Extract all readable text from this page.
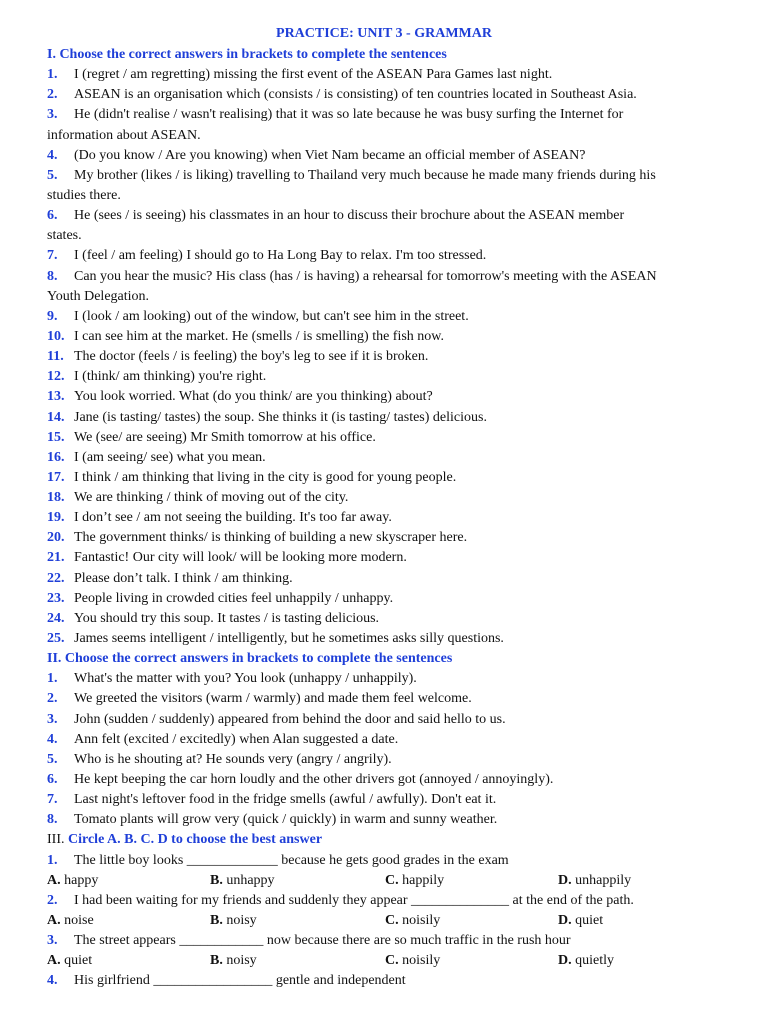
PRACTICE: UNIT 3 - GRAMMAR
I. Choose the correct answers in brackets to complete the sentences
1. I (regret / am regretting) missing the first event of the ASEAN Para Games last night.
2. ASEAN is an organisation which (consists / is consisting) of ten countries located in Southeast Asia.
3. He (didn't realise / wasn't realising) that it was so late because he was busy surfing the Internet for
information about ASEAN.
4. (Do you know / Are you knowing) when Viet Nam became an official member of ASEAN?
5. My brother (likes / is liking) travelling to Thailand very much because he made many friends during his
studies there.
6. He (sees / is seeing) his classmates in an hour to discuss their brochure about the ASEAN member
states.
7. I (feel / am feeling) I should go to Ha Long Bay to relax. I'm too stressed.
8. Can you hear the music? His class (has / is having) a rehearsal for tomorrow's meeting with the ASEAN
Youth Delegation.
9. I (look / am looking) out of the window, but can't see him in the street.
10. I can see him at the market. He (smells / is smelling) the fish now.
11. The doctor (feels / is feeling) the boy's leg to see if it is broken.
12. I (think/ am thinking) you're right.
13. You look worried. What (do you think/ are you thinking) about?
14. Jane (is tasting/ tastes) the soup. She thinks it (is tasting/ tastes) delicious.
15. We (see/ are seeing) Mr Smith tomorrow at his office.
16. I (am seeing/ see) what you mean.
17. I think / am thinking that living in the city is good for young people.
18. We are thinking / think of moving out of the city.
19. I don’t see / am not seeing the building. It's too far away.
20. The government thinks/ is thinking of building a new skyscraper here.
21. Fantastic! Our city will look/ will be looking more modern.
22. Please don’t talk. I think / am thinking.
23. People living in crowded cities feel unhappily / unhappy.
24. You should try this soup. It tastes / is tasting delicious.
25. James seems intelligent / intelligently, but he sometimes asks silly questions.
II. Choose the correct answers in brackets to complete the sentences
1. What's the matter with you? You look (unhappy / unhappily).
2. We greeted the visitors (warm / warmly) and made them feel welcome.
3. John (sudden / suddenly) appeared from behind the door and said hello to us.
4. Ann felt (excited / excitedly) when Alan suggested a date.
5. Who is he shouting at? He sounds very (angry / angrily).
6. He kept beeping the car horn loudly and the other drivers got (annoyed / annoyingly).
7. Last night's leftover food in the fridge smells (awful / awfully). Don't eat it.
8. Tomato plants will grow very (quick / quickly) in warm and sunny weather.
III. Circle A. B. C. D to choose the best answer
1. The little boy looks _____________ because he gets good grades in the exam
A. happy	B. unhappy	C. happily	D. unhappily
2. I had been waiting for my friends and suddenly they appear ______________ at the end of the path.
A. noise	B. noisy	C. noisily	D. quiet
3. The street appears ____________ now because there are so much traffic in the rush hour
A. quiet	B. noisy	C. noisily	D. quietly
4. His girlfriend _________________ gentle and independent
